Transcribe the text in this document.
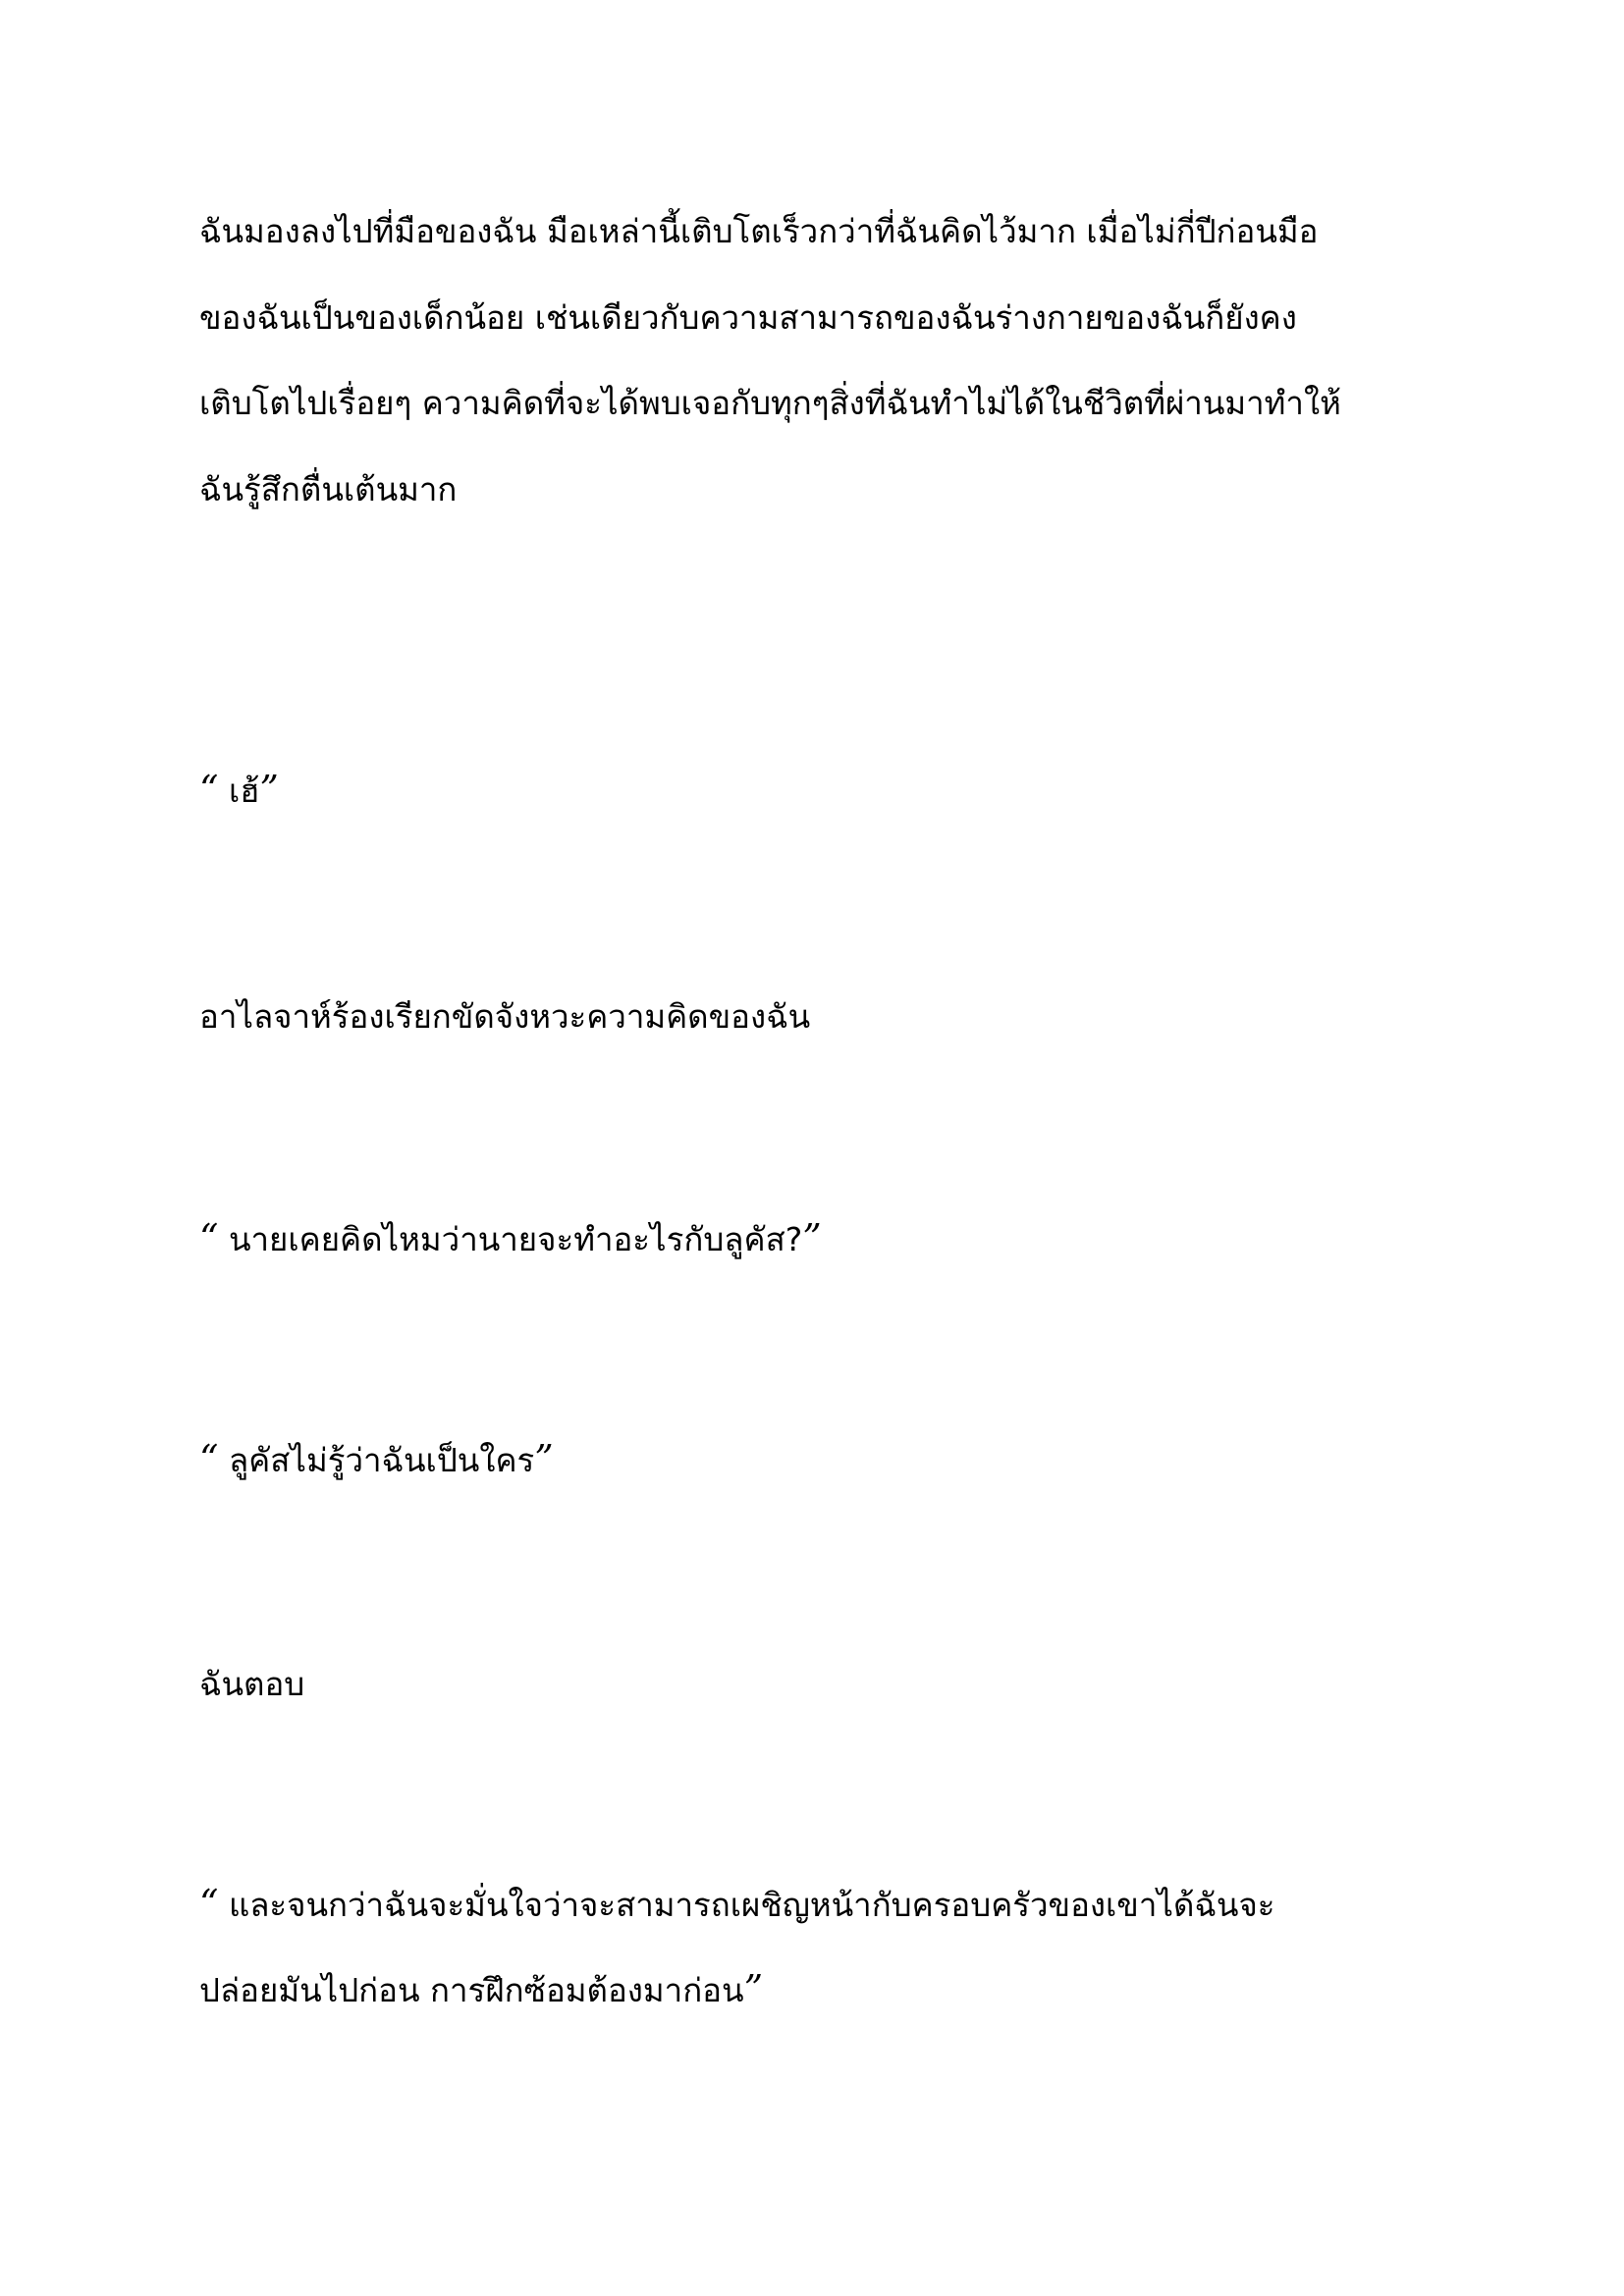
ฉันมองลงไปที่มือของฉัน มือเหล่านี้เติบโตเร็วกว่าที่ฉันคิดไว้มาก เมื่อไม่กี่ปีก่อนมือ

ของฉันเป็นของเด็กน้อย เช่นเดียวกับความสามารถของฉันร่างกายของฉันก็ยังคง

เติบโตไปเรื่อยๆ ความคิดที่จะได้พบเจอกับทุกๆสิ่งที่ฉันทำไม่ได้ในชีวิตที่ผ่านมาทำให้

ฉันรู้สึกตื่นเต้นมาก

“ เฮ้”

อาไลจาห์ร้องเรียกขัดจังหวะความคิดของฉัน

“ นายเคยคิดไหมว่านายจะทำอะไรกับลูคัส?”

“ ลูคัสไม่รู้ว่าฉันเป็นใคร”

ฉันตอบ

“ และจนกว่าฉันจะมั่นใจว่าจะสามารถเผชิญหน้ากับครอบครัวของเขาได้ฉันจะ

ปล่อยมันไปก่อน การฝึกซ้อมต้องมาก่อน”
